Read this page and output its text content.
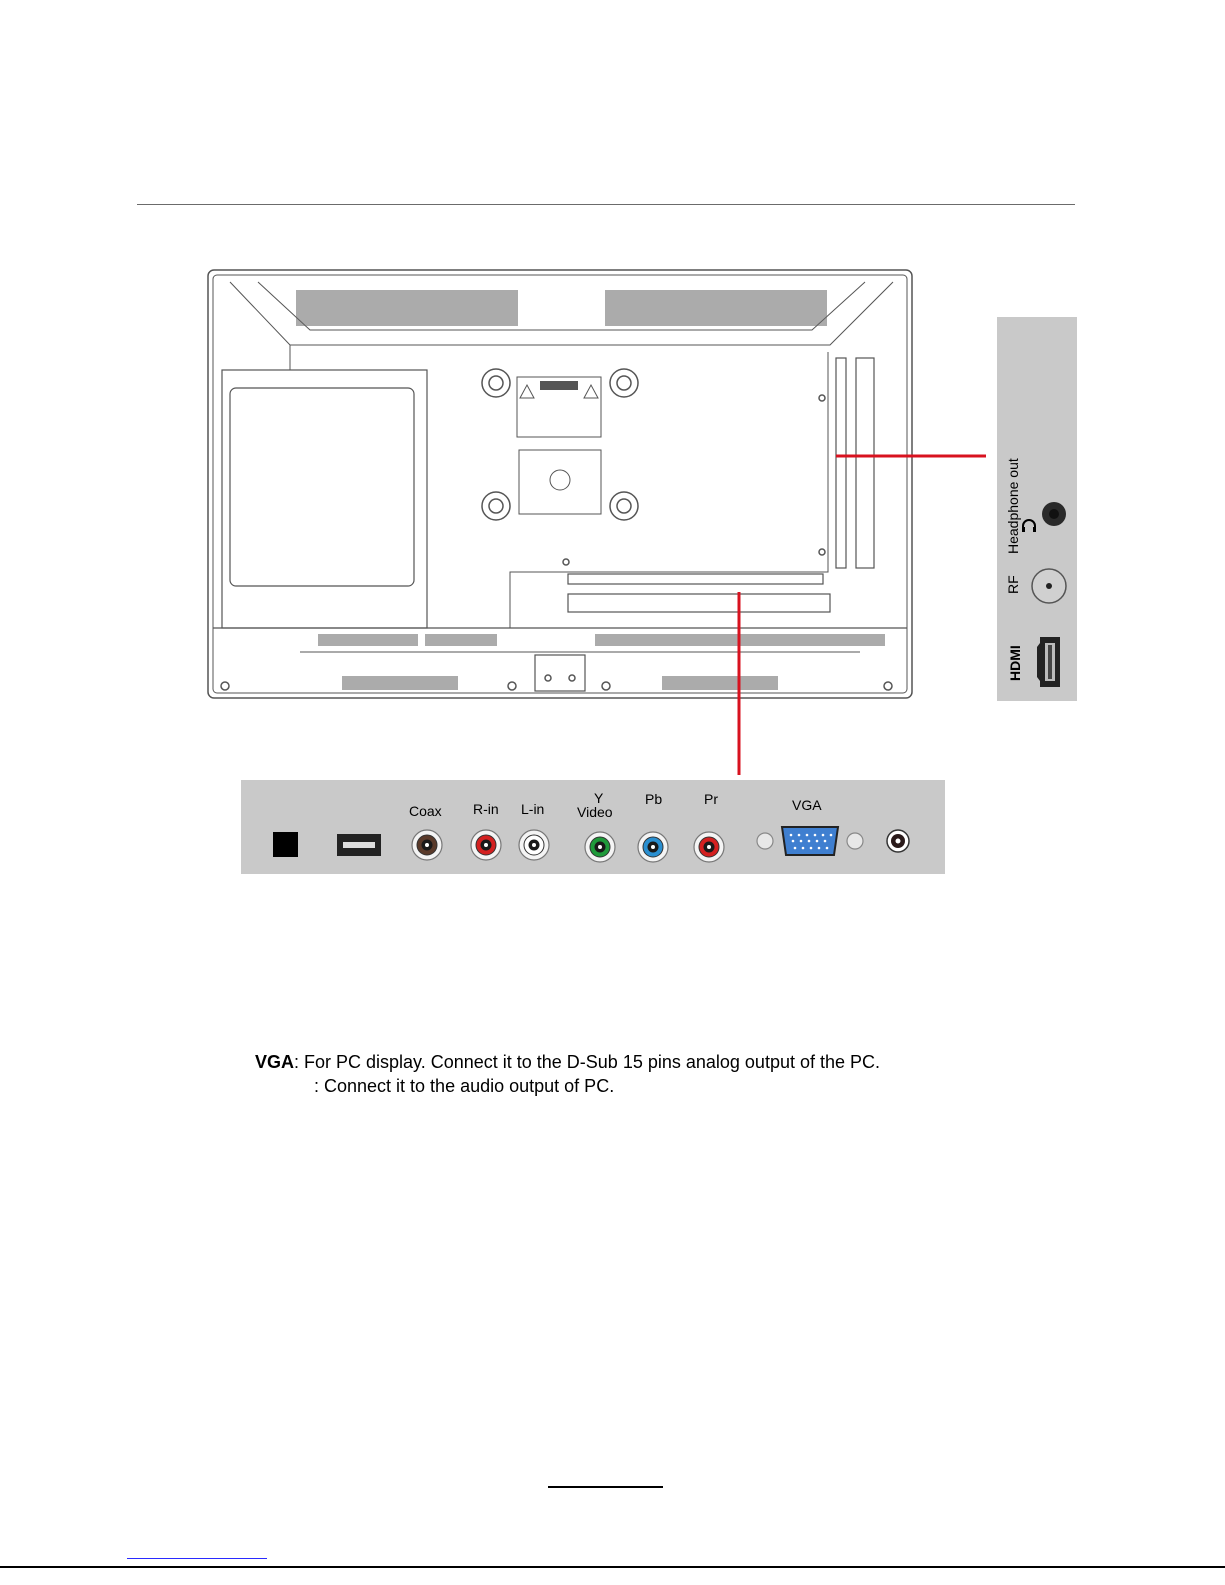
Headphone out
RF
HDMI
Coax R-in L-in
Y
Video
Pb	Pr	VGA
VGA: For PC display. Connect it to the D-Sub 15 pins analog output of the PC.
: Connect it to the audio output of PC.
